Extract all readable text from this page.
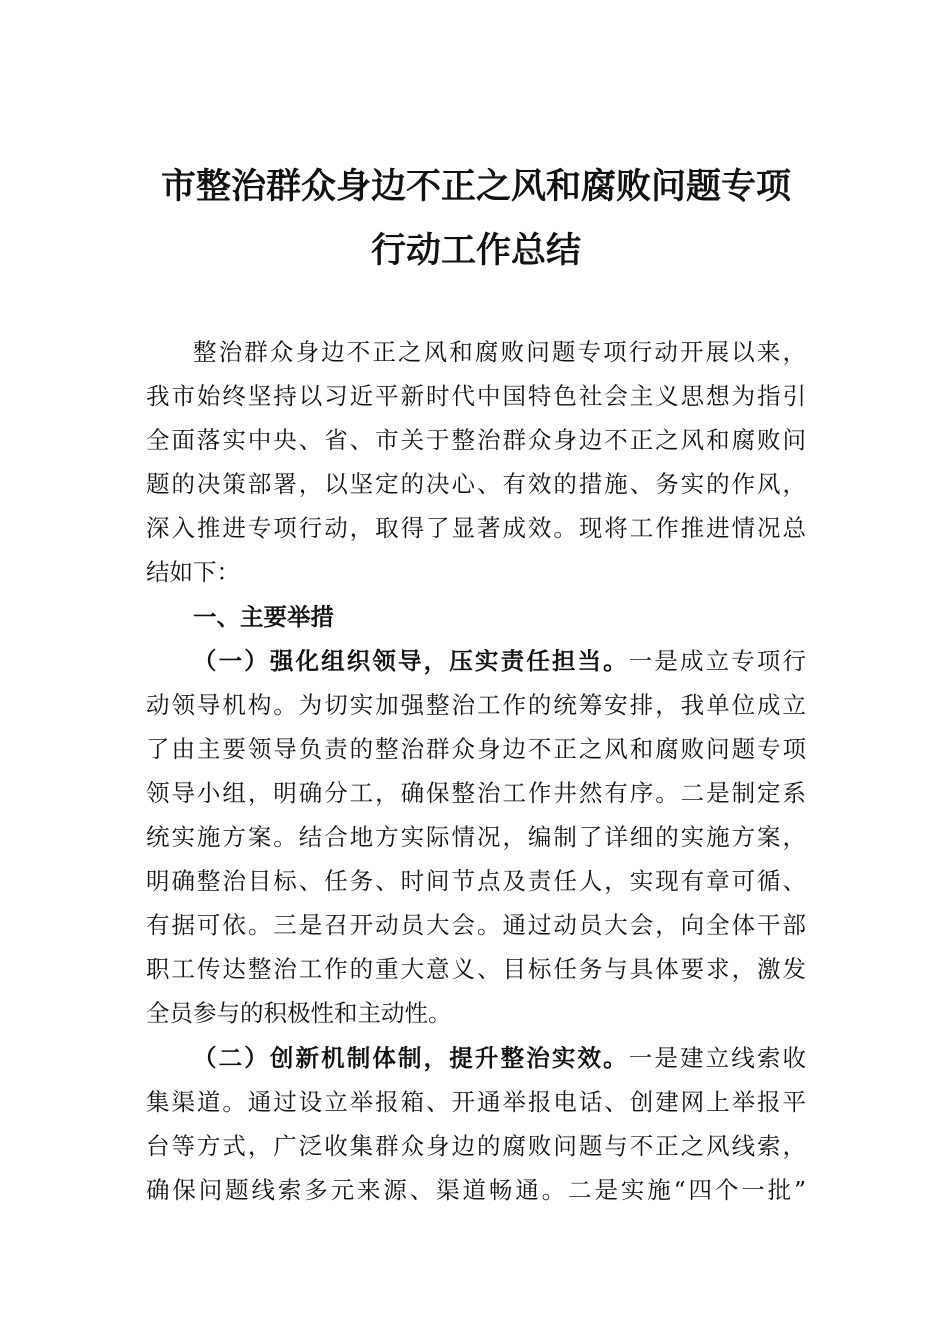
市整治群众身边不正之风和腐败问题专项
行动工作总结
整治群众身边不正之风和腐败问题专项行动开展以来，
我市始终坚持以习近平新时代中国特色社会主义思想为指引
全面落实中央、省、市关于整治群众身边不正之风和腐败问
题的决策部署，以坚定的决心、有效的措施、务实的作风，
深入推进专项行动，取得了显著成效。现将工作推进情况总
结如下：
一、主要举措
（一）强化组织领导，压实责任担当。一是成立专项行
动领导机构。为切实加强整治工作的统筹安排，我单位成立
了由主要领导负责的整治群众身边不正之风和腐败问题专项
领导小组，明确分工，确保整治工作井然有序。二是制定系
统实施方案。结合地方实际情况，编制了详细的实施方案，
明确整治目标、任务、时间节点及责任人，实现有章可循、
有据可依。三是召开动员大会。通过动员大会，向全体干部
职工传达整治工作的重大意义、目标任务与具体要求，激发
全员参与的积极性和主动性。
（二）创新机制体制，提升整治实效。一是建立线索收
集渠道。通过设立举报箱、开通举报电话、创建网上举报平
台等方式，广泛收集群众身边的腐败问题与不正之风线索，
确保问题线索多元来源、渠道畅通。二是实施“四个一批”
